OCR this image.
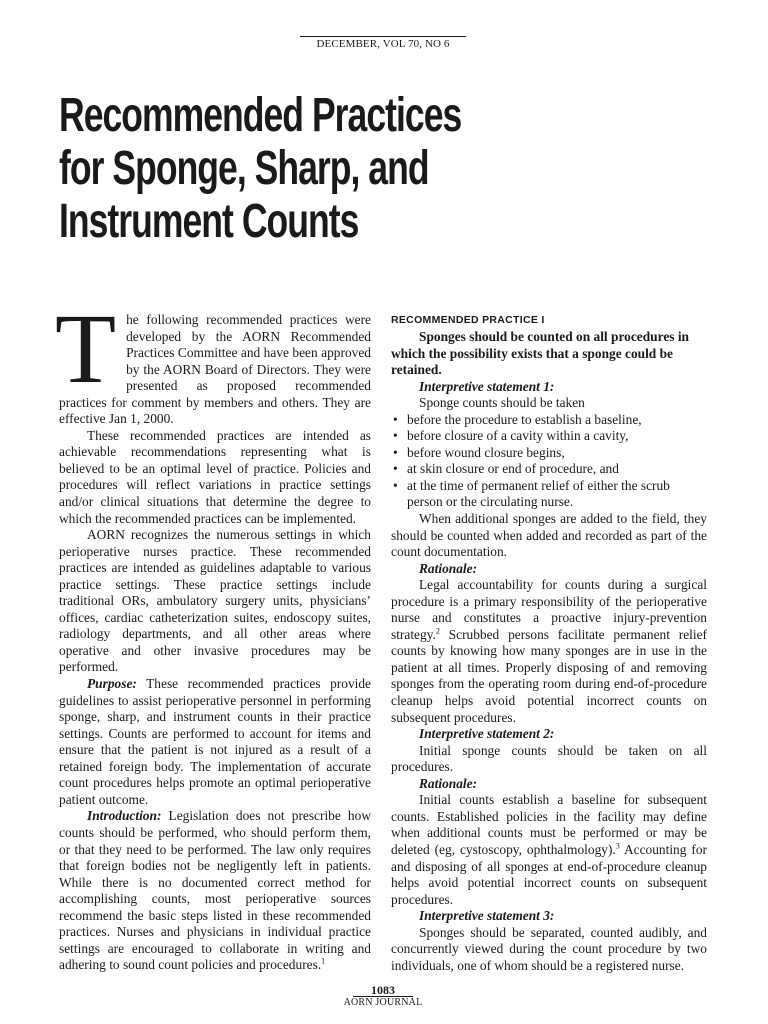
DECEMBER, VOL 70, NO 6
Recommended Practices
for Sponge, Sharp, and
Instrument Counts

The following recommended practices were developed by the AORN Recommended Practices Committee and have been approved by the AORN Board of Directors. They were presented as proposed recommended practices for comment by members and others. They are effective Jan 1, 2000.

These recommended practices are intended as achievable recommendations representing what is believed to be an optimal level of practice. Policies and procedures will reflect variations in practice settings and/or clinical situations that determine the degree to which the recommended practices can be implemented.

AORN recognizes the numerous settings in which perioperative nurses practice. These recommended practices are intended as guidelines adaptable to various practice settings. These practice settings include traditional ORs, ambulatory surgery units, physicians’ offices, cardiac catheterization suites, endoscopy suites, radiology departments, and all other areas where operative and other invasive procedures may be performed.

Purpose: These recommended practices provide guidelines to assist perioperative personnel in performing sponge, sharp, and instrument counts in their practice settings. Counts are performed to account for items and ensure that the patient is not injured as a result of a retained foreign body. The implementation of accurate count procedures helps promote an optimal perioperative patient outcome.

Introduction: Legislation does not prescribe how counts should be performed, who should perform them, or that they need to be performed. The law only requires that foreign bodies not be negligently left in patients. While there is no documented correct method for accomplishing counts, most perioperative sources recommend the basic steps listed in these recommended practices. Nurses and physicians in individual practice settings are encouraged to collaborate in writing and adhering to sound count policies and procedures.$^1$

RECOMMENDED PRACTICE I

Sponges should be counted on all procedures in which the possibility exists that a sponge could be retained.

Interpretive statement 1:

Sponge counts should be taken

• before the procedure to establish a baseline,
• before closure of a cavity within a cavity,
• before wound closure begins,
• at skin closure or end of procedure, and
• at the time of permanent relief of either the scrub person or the circulating nurse.

When additional sponges are added to the field, they should be counted when added and recorded as part of the count documentation.

Rationale:

Legal accountability for counts during a surgical procedure is a primary responsibility of the perioperative nurse and constitutes a proactive injury-prevention strategy.$^2$ Scrubbed persons facilitate permanent relief counts by knowing how many sponges are in use in the patient at all times. Properly disposing of and removing sponges from the operating room during end-of-procedure cleanup helps avoid potential incorrect counts on subsequent procedures.

Interpretive statement 2:

Initial sponge counts should be taken on all procedures.

Rationale:

Initial counts establish a baseline for subsequent counts. Established policies in the facility may define when additional counts must be performed or may be deleted (eg, cystoscopy, ophthalmology).$^3$ Accounting for and disposing of all sponges at end-of-procedure cleanup helps avoid potential incorrect counts on subsequent procedures.

Interpretive statement 3:

Sponges should be separated, counted audibly, and concurrently viewed during the count procedure by two individuals, one of whom should be a registered nurse.

1083
AORN JOURNAL
